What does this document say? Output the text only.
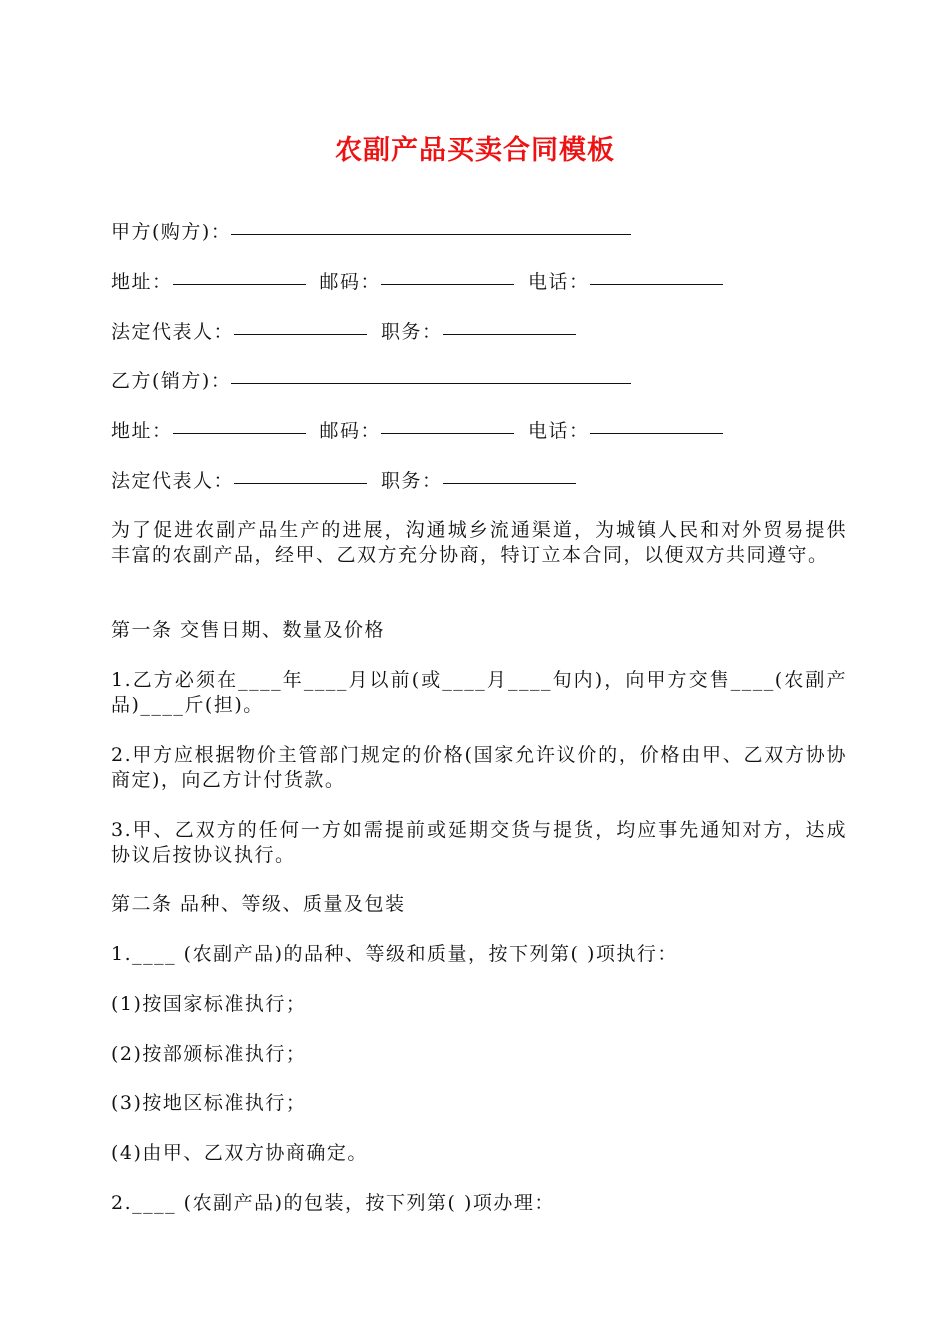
农副产品买卖合同模板
甲方(购方)：
地址：	邮码：	电话：
法定代表人：	职务：
乙方(销方)：
地址：	邮码：	电话：
法定代表人：	职务：
为了促进农副产品生产的进展，沟通城乡流通渠道，为城镇人民和对外贸易提供丰富的农副产品，经甲、乙双方充分协商，特订立本合同，以便双方共同遵守。
第一条 交售日期、数量及价格
1.乙方必须在____年____月以前(或____月____旬内)，向甲方交售____(农副产品)____斤(担)。
2.甲方应根据物价主管部门规定的价格(国家允许议价的，价格由甲、乙双方协协商定)，向乙方计付货款。
3.甲、乙双方的任何一方如需提前或延期交货与提货，均应事先通知对方，达成协议后按协议执行。
第二条 品种、等级、质量及包装
1.____ (农副产品)的品种、等级和质量，按下列第( )项执行：
(1)按国家标准执行；
(2)按部颁标准执行；
(3)按地区标准执行；
(4)由甲、乙双方协商确定。
2.____ (农副产品)的包装，按下列第( )项办理：
